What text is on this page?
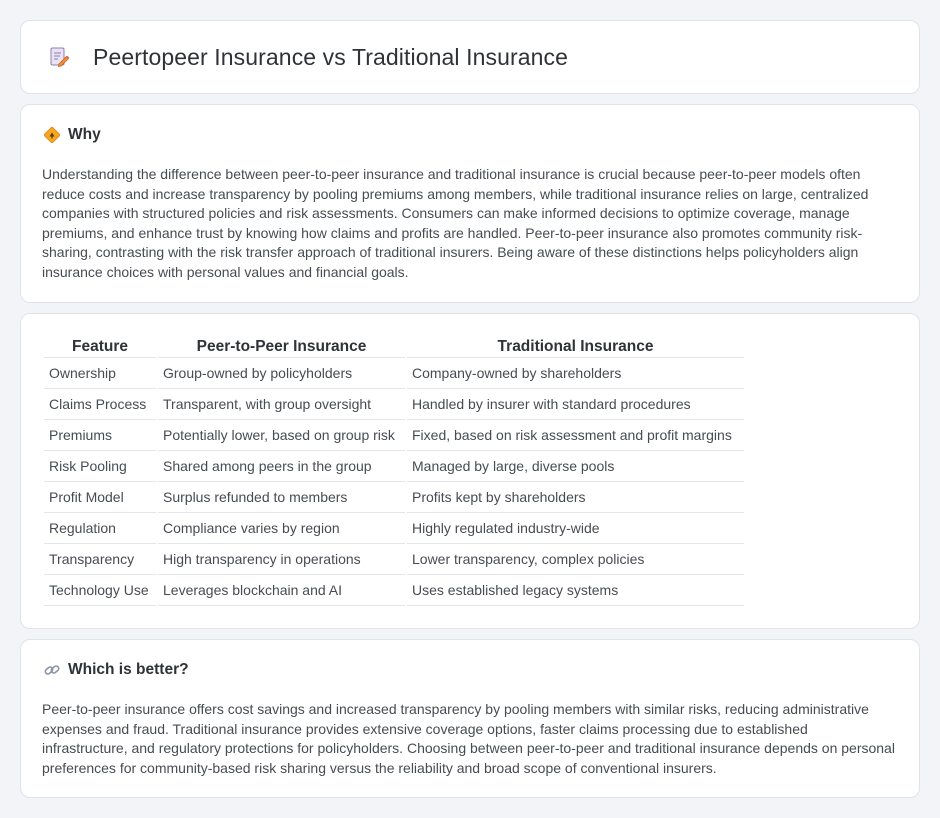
Peertopeer Insurance vs Traditional Insurance
Why

Understanding the difference between peer-to-peer insurance and traditional insurance is crucial because peer-to-peer models often reduce costs and increase transparency by pooling premiums among members, while traditional insurance relies on large, centralized companies with structured policies and risk assessments. Consumers can make informed decisions to optimize coverage, manage premiums, and enhance trust by knowing how claims and profits are handled. Peer-to-peer insurance also promotes community risk-sharing, contrasting with the risk transfer approach of traditional insurers. Being aware of these distinctions helps policyholders align insurance choices with personal values and financial goals.

Feature	Peer-to-Peer Insurance	Traditional Insurance
Ownership	Group-owned by policyholders	Company-owned by shareholders
Claims Process	Transparent, with group oversight	Handled by insurer with standard procedures
Premiums	Potentially lower, based on group risk	Fixed, based on risk assessment and profit margins
Risk Pooling	Shared among peers in the group	Managed by large, diverse pools
Profit Model	Surplus refunded to members	Profits kept by shareholders
Regulation	Compliance varies by region	Highly regulated industry-wide
Transparency	High transparency in operations	Lower transparency, complex policies
Technology Use	Leverages blockchain and AI	Uses established legacy systems
Which is better?

Peer-to-peer insurance offers cost savings and increased transparency by pooling members with similar risks, reducing administrative expenses and fraud. Traditional insurance provides extensive coverage options, faster claims processing due to established infrastructure, and regulatory protections for policyholders. Choosing between peer-to-peer and traditional insurance depends on personal preferences for community-based risk sharing versus the reliability and broad scope of conventional insurers.
